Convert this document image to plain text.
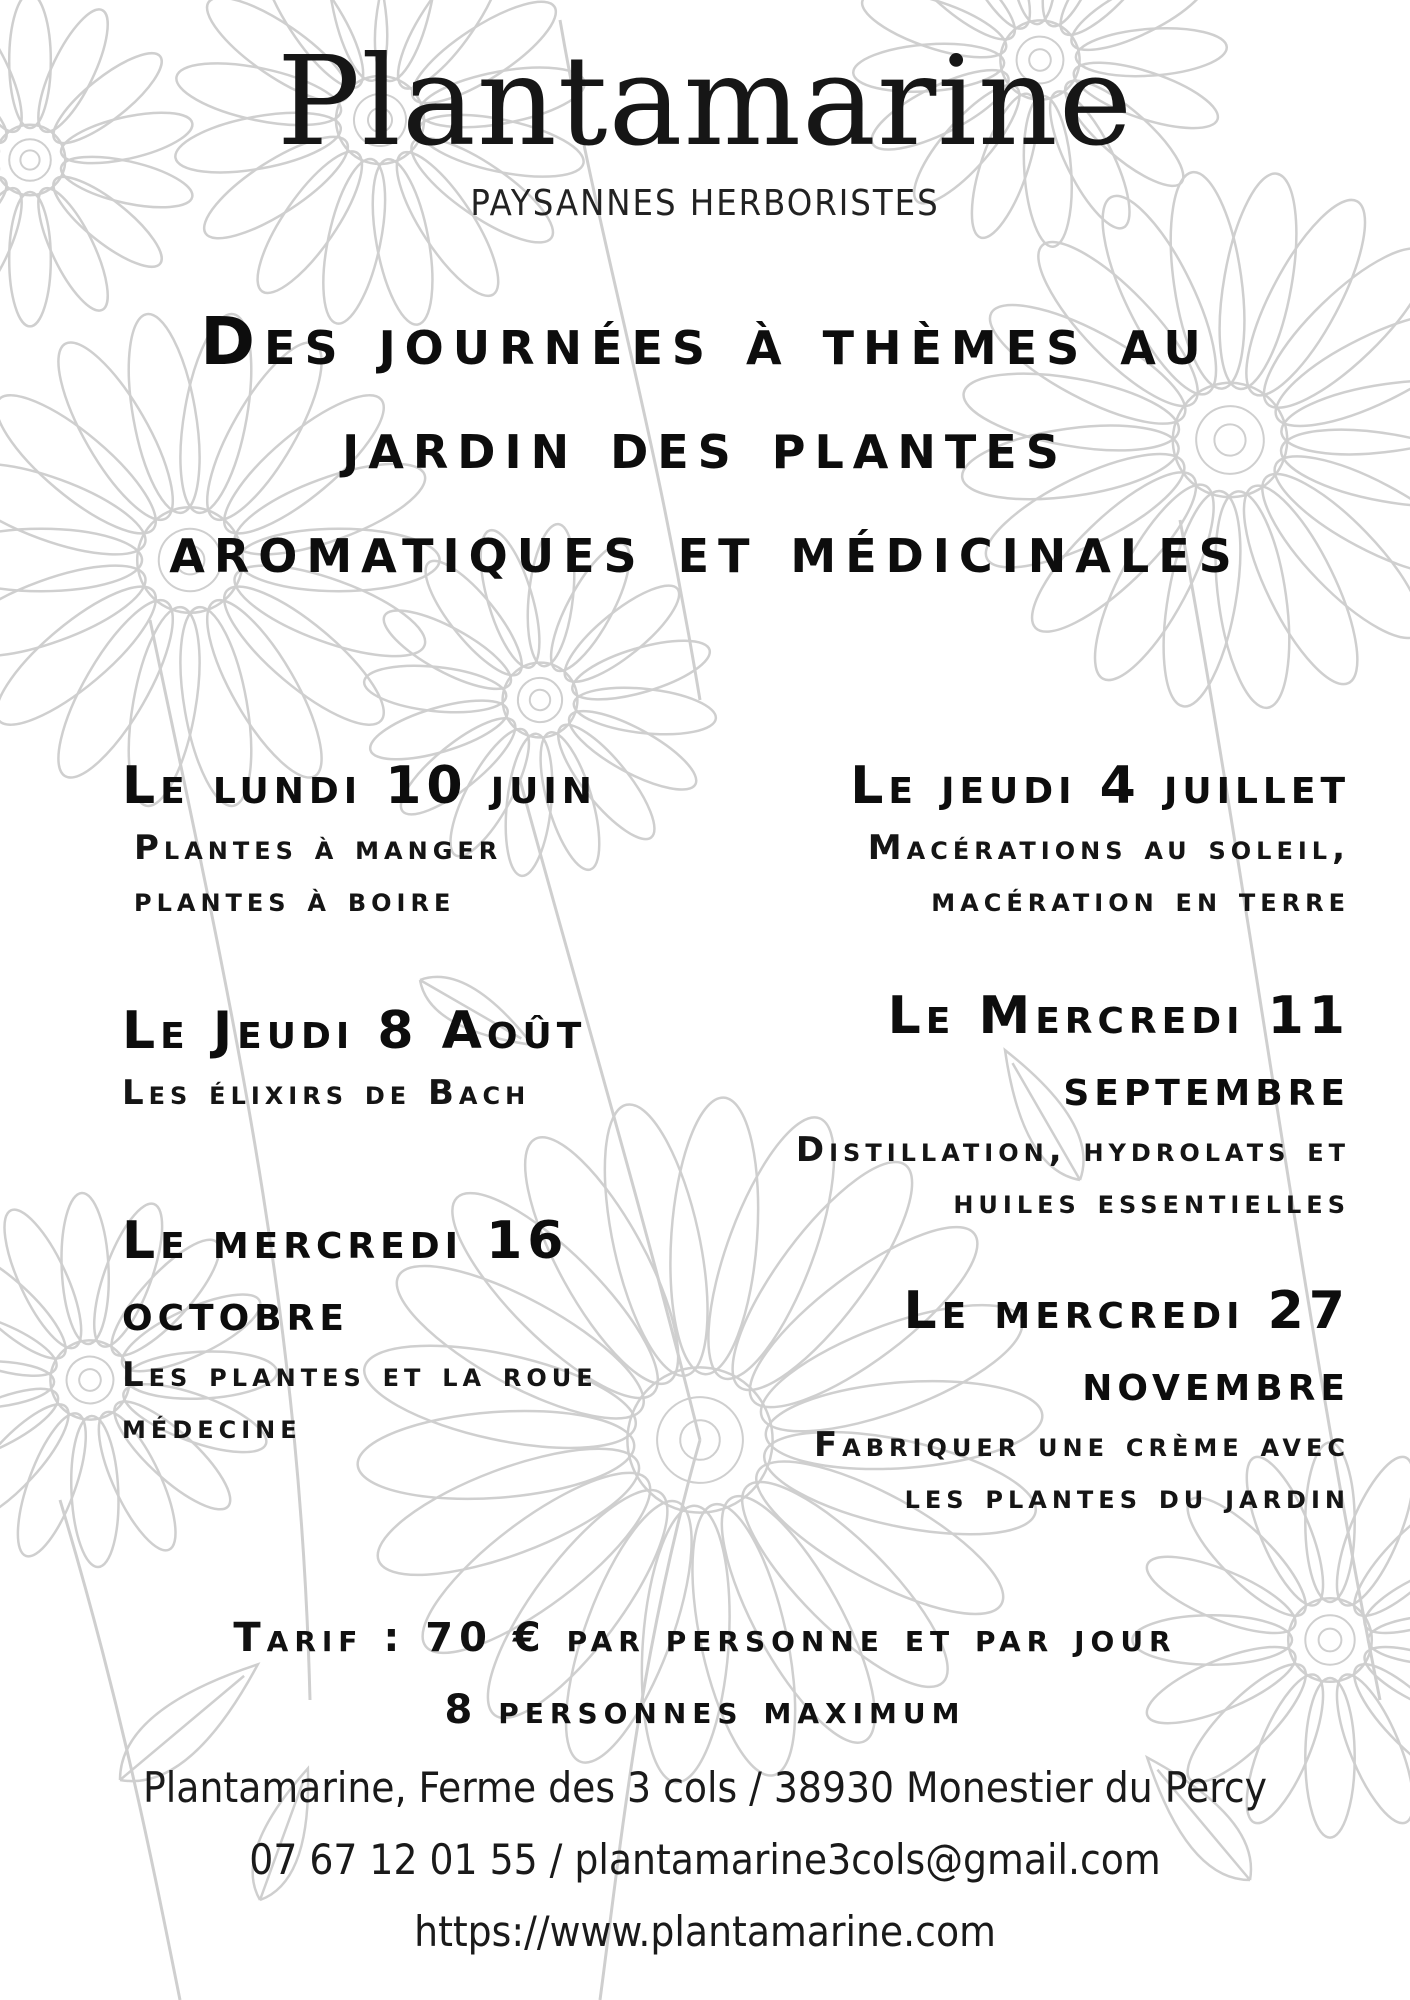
Plantamarine
PAYSANNES HERBORISTES
Des journées à thèmes au
jardin des plantes
aromatiques et médicinales
Le lundi 10 juin
Plantes à manger
plantes à boire
Le Jeudi 8 Août
Les élixirs de Bach
Le mercredi 16
octobre
Les plantes et la roue
médecine
Le jeudi 4 juillet
Macérations au soleil,
macération en terre
Le Mercredi 11
septembre
Distillation, hydrolats et
huiles essentielles
Le mercredi 27
novembre
Fabriquer une crème avec
les plantes du jardin
Tarif : 70 € par personne et par jour
8 personnes maximum
Plantamarine, Ferme des 3 cols / 38930 Monestier du Percy
07 67 12 01 55 / plantamarine3cols@gmail.com
https://www.plantamarine.com
